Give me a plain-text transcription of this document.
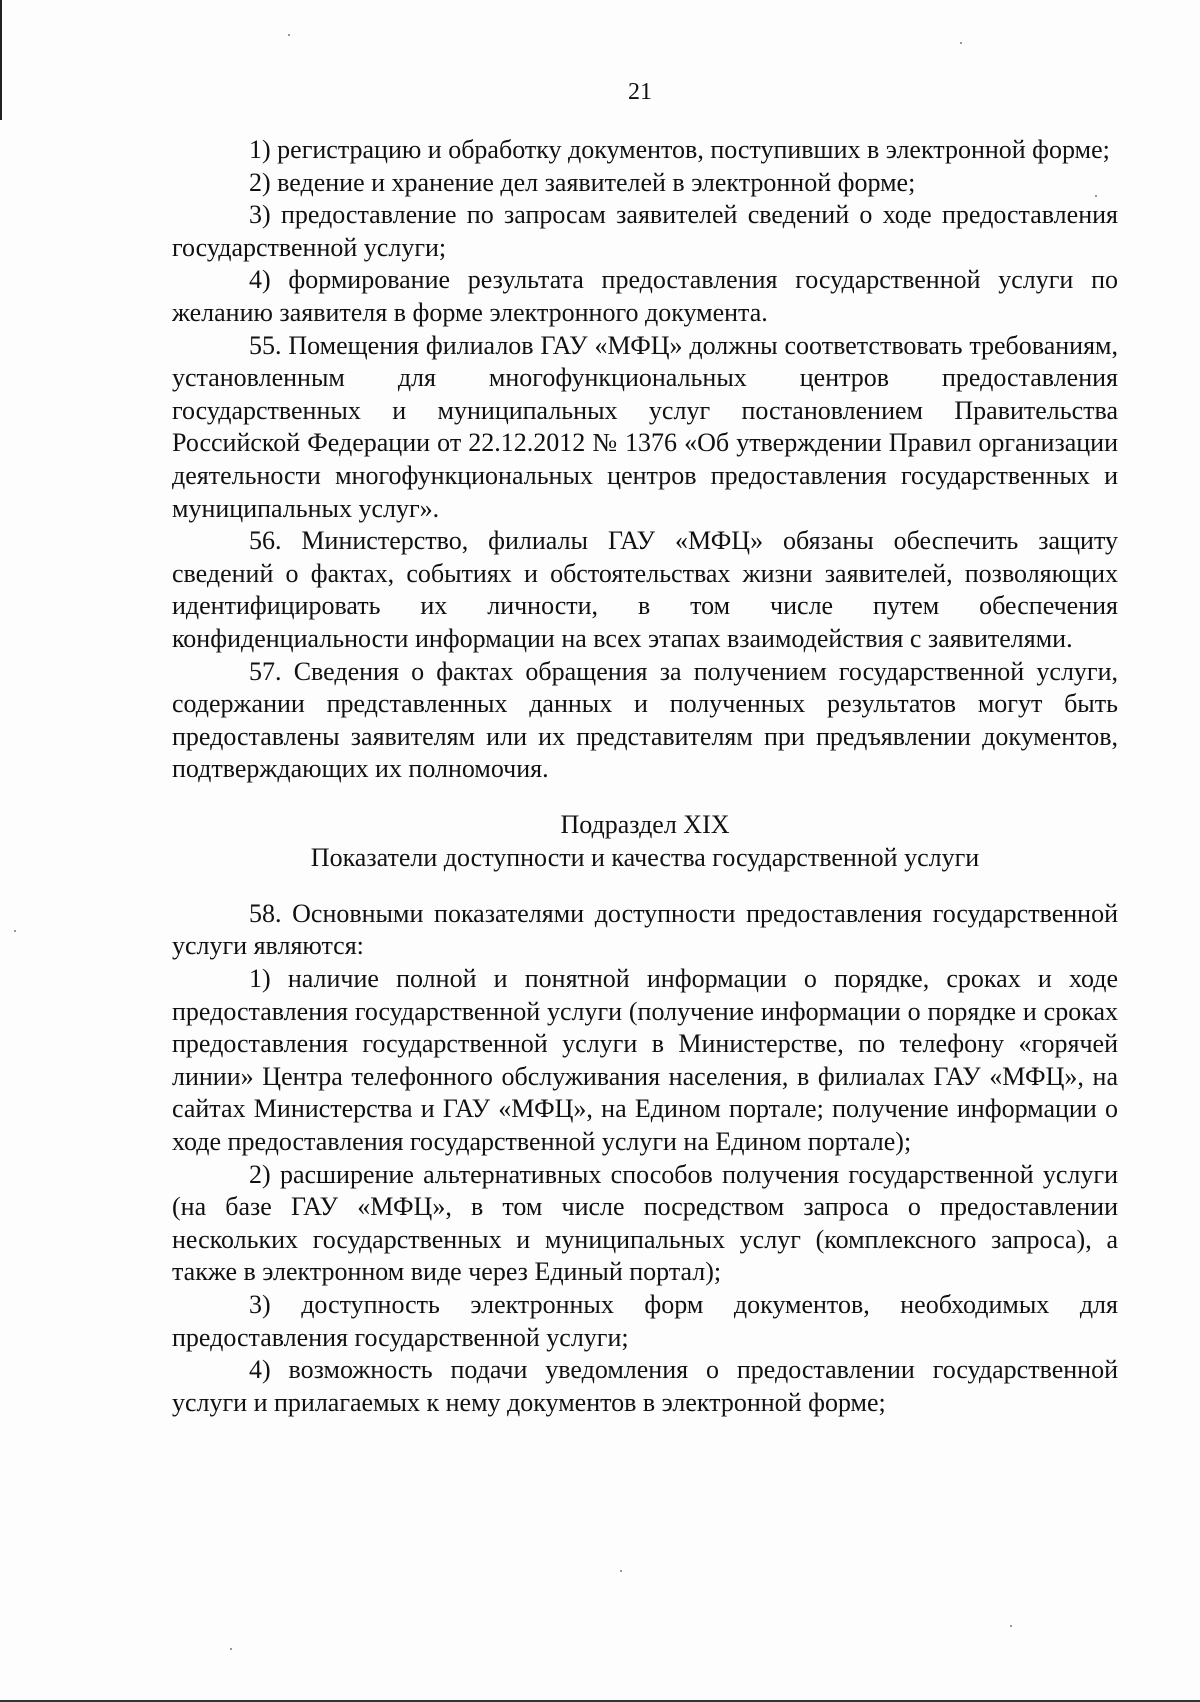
21

1) регистрацию и обработку документов, поступивших в электронной форме;

2) ведение и хранение дел заявителей в электронной форме;

3) предоставление по запросам заявителей сведений о ходе предоставления государственной услуги;

4) формирование результата предоставления государственной услуги по желанию заявителя в форме электронного документа.

55. Помещения филиалов ГАУ «МФЦ» должны соответствовать требованиям, установленным для многофункциональных центров предоставления государственных и муниципальных услуг постановлением Правительства Российской Федерации от 22.12.2012 № 1376 «Об утверждении Правил организации деятельности многофункциональных центров предоставления государственных и муниципальных услуг».

56. Министерство, филиалы ГАУ «МФЦ» обязаны обеспечить защиту сведений о фактах, событиях и обстоятельствах жизни заявителей, позволяющих идентифицировать их личности, в том числе путем обеспечения конфиденциальности информации на всех этапах взаимодействия с заявителями.

57. Сведения о фактах обращения за получением государственной услуги, содержании представленных данных и полученных результатов могут быть предоставлены заявителям или их представителям при предъявлении документов, подтверждающих их полномочия.

Подраздел XIX

Показатели доступности и качества государственной услуги

58. Основными показателями доступности предоставления государственной услуги являются:

1) наличие полной и понятной информации о порядке, сроках и ходе предоставления государственной услуги (получение информации о порядке и сроках предоставления государственной услуги в Министерстве, по телефону «горячей линии» Центра телефонного обслуживания населения, в филиалах ГАУ «МФЦ», на сайтах Министерства и ГАУ «МФЦ», на Едином портале; получение информации о ходе предоставления государственной услуги на Едином портале);

2) расширение альтернативных способов получения государственной услуги (на базе ГАУ «МФЦ», в том числе посредством запроса о предоставлении нескольких государственных и муниципальных услуг (комплексного запроса), а также в электронном виде через Единый портал);

3) доступность электронных форм документов, необходимых для предоставления государственной услуги;

4) возможность подачи уведомления о предоставлении государственной услуги и прилагаемых к нему документов в электронной форме;
